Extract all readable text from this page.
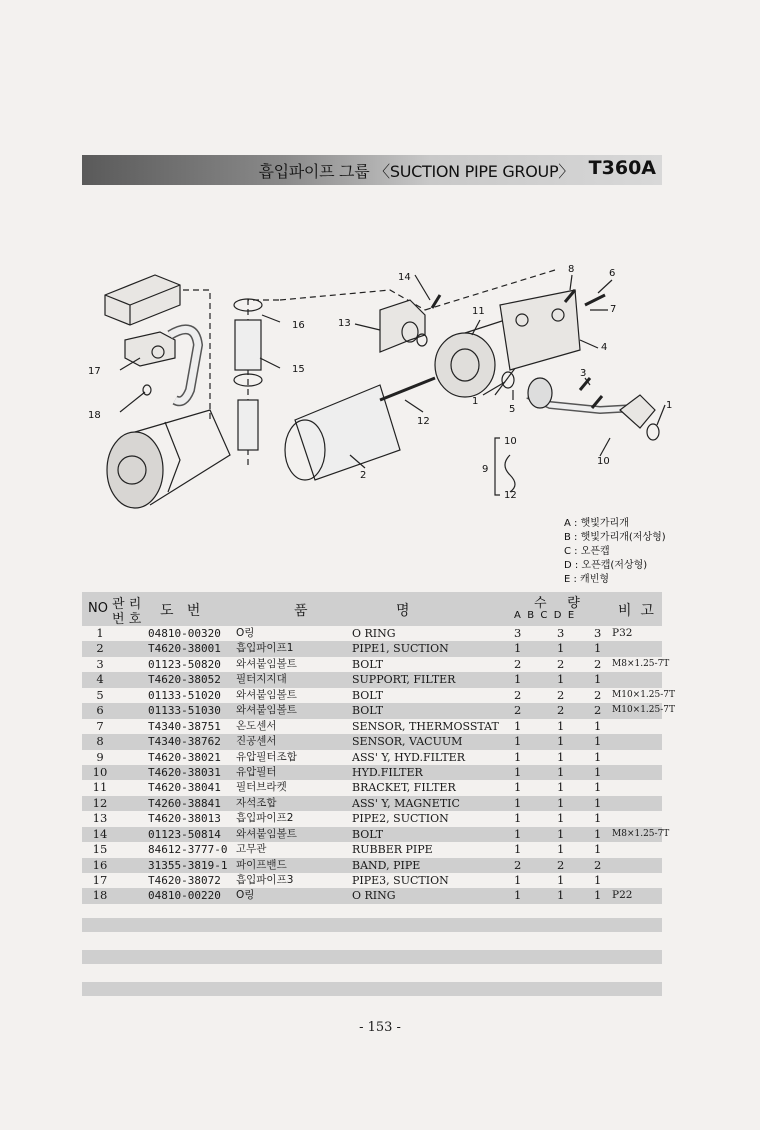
흡입파이프 그룹 〈SUCTION PIPE GROUP〉 T360A
14
8	6
7
16	13
11
4
15
17	3
18
1
5	1
12
10
2
10
9
12
A : 햇빛가리개
B : 햇빛가리개(저상형)
C : 오픈캡
D : 오픈캡(저상형)
E : 캐빈형
NO 관 리
번 호
도   번	품	명	수     량
A  B  C  D  E	비  고
1	04810-00320 O링	O RING	3	3	3 P32
2	T4620-38001 흡입파이프1	PIPE1, SUCTION	1	1	1
3	01123-50820 와셔붙임볼트	BOLT	2	2	2 M8×1.25-7T
4	T4620-38052 필터지지대	SUPPORT, FILTER	1	1	1
5	01133-51020 와셔붙임볼트	BOLT	2	2	2 M10×1.25-7T
6	01133-51030 와셔붙임볼트	BOLT	2	2	2 M10×1.25-7T
7	T4340-38751 온도센서	SENSOR, THERMOSSTAT 1	1	1
8	T4340-38762 진공센서	SENSOR, VACUUM	1	1	1
9	T4620-38021 유압필터조합	ASS' Y, HYD.FILTER	1	1	1
10	T4620-38031 유압필터	HYD.FILTER	1	1	1
11	T4620-38041 필터브라켓	BRACKET, FILTER	1	1	1
12	T4260-38841 자석조합	ASS' Y, MAGNETIC	1	1	1
13	T4620-38013 흡입파이프2	PIPE2, SUCTION	1	1	1
14	01123-50814 와셔붙임볼트	BOLT	1	1	1 M8×1.25-7T
15	84612-3777-0 고무관	RUBBER PIPE	1	1	1
16	31355-3819-1 파이프밴드	BAND, PIPE	2	2	2
17	T4620-38072 흡입파이프3	PIPE3, SUCTION	1	1	1
18	04810-00220 O링	O RING	1	1	1 P22
- 153 -
